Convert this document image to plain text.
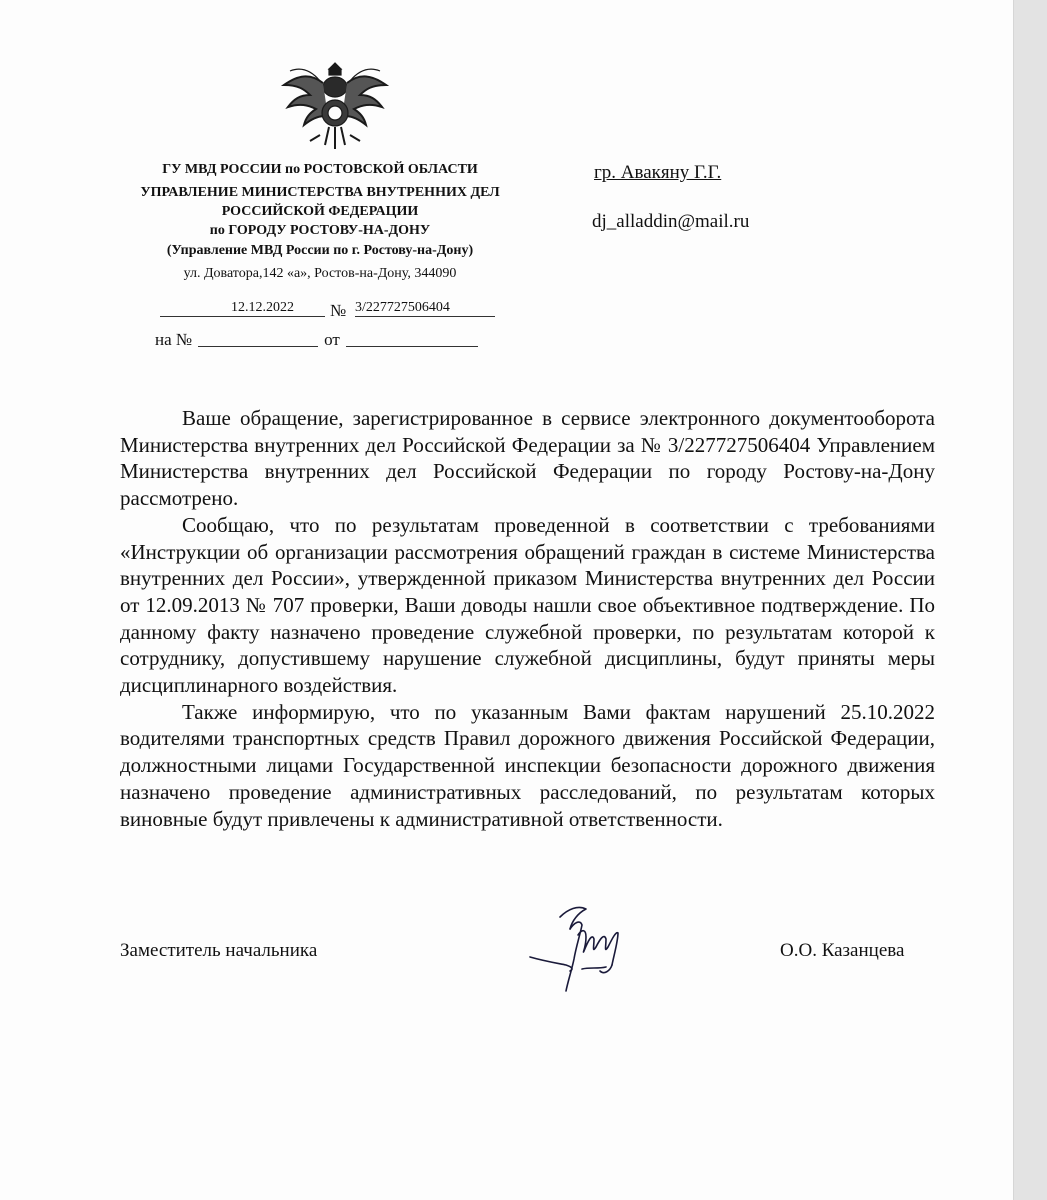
ГУ МВД РОССИИ по РОСТОВСКОЙ ОБЛАСТИ
УПРАВЛЕНИЕ МИНИСТЕРСТВА ВНУТРЕННИХ ДЕЛ
РОССИЙСКОЙ ФЕДЕРАЦИИ
по ГОРОДУ РОСТОВУ-НА-ДОНУ
(Управление МВД России по г. Ростову-на-Дону)
ул. Доватора,142 «а», Ростов-на-Дону, 344090
12.12.2022	№ 3/227727506404
на №	от
гр. Авакяну Г.Г.
dj_alladdin@mail.ru

Ваше обращение, зарегистрированное в сервисе электронного документооборота Министерства внутренних дел Российской Федерации за № 3/227727506404 Управлением Министерства внутренних дел Российской Федерации по городу Ростову-на-Дону рассмотрено.

Сообщаю, что по результатам проведенной в соответствии с требованиями «Инструкции об организации рассмотрения обращений граждан в системе Министерства внутренних дел России», утвержденной приказом Министерства внутренних дел России от 12.09.2013 № 707 проверки, Ваши доводы нашли свое объективное подтверждение. По данному факту назначено проведение служебной проверки, по результатам которой к сотруднику, допустившему нарушение служебной дисциплины, будут приняты меры дисциплинарного воздействия.

Также информирую, что по указанным Вами фактам нарушений 25.10.2022 водителями транспортных средств Правил дорожного движения Российской Федерации, должностными лицами Государственной инспекции безопасности дорожного движения назначено проведение административных расследований, по результатам которых виновные будут привлечены к административной ответственности.

Заместитель начальника	О.О. Казанцева
